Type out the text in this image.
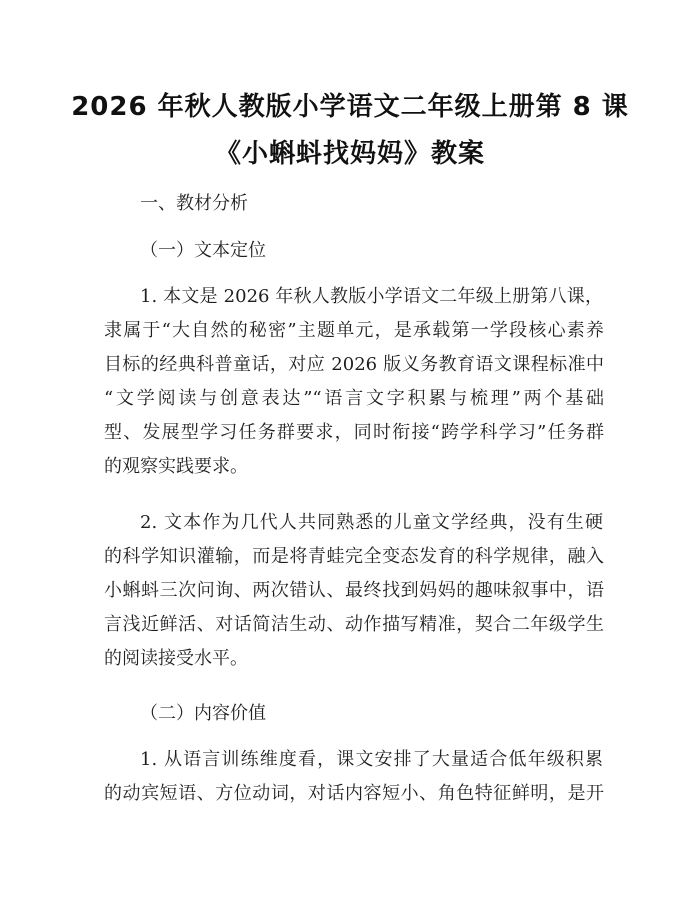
2026 年秋人教版小学语文二年级上册第 8 课
《小蝌蚪找妈妈》教案
一、教材分析
（一）文本定位
1. 本文是 2026 年秋人教版小学语文二年级上册第八课，
隶属于“大自然的秘密”主题单元，是承载第一学段核心素养
目标的经典科普童话，对应 2026 版义务教育语文课程标准中
“文学阅读与创意表达”“语言文字积累与梳理”两个基础
型、发展型学习任务群要求，同时衔接“跨学科学习”任务群
的观察实践要求。
2. 文本作为几代人共同熟悉的儿童文学经典，没有生硬
的科学知识灌输，而是将青蛙完全变态发育的科学规律，融入
小蝌蚪三次问询、两次错认、最终找到妈妈的趣味叙事中，语
言浅近鲜活、对话简洁生动、动作描写精准，契合二年级学生
的阅读接受水平。
（二）内容价值
1. 从语言训练维度看，课文安排了大量适合低年级积累
的动宾短语、方位动词，对话内容短小、角色特征鲜明，是开
